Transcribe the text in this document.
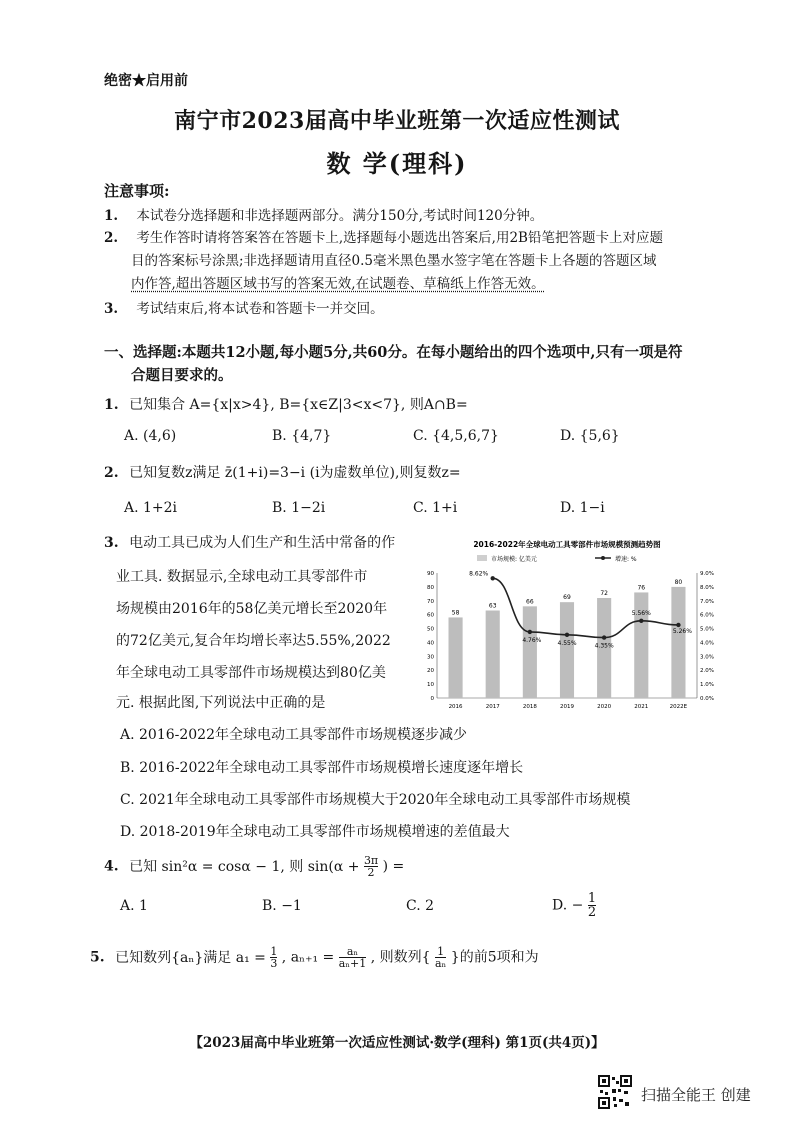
绝密★启用前
南宁市2023届高中毕业班第一次适应性测试
数 学(理科)
注意事项:
1. 本试卷分选择题和非选择题两部分。满分150分,考试时间120分钟。
2. 考生作答时请将答案答在答题卡上,选择题每小题选出答案后,用2B铅笔把答题卡上对应题
目的答案标号涂黑;非选择题请用直径0.5毫米黑色墨水签字笔在答题卡上各题的答题区域
内作答,超出答题区域书写的答案无效,在试题卷、草稿纸上作答无效。
3. 考试结束后,将本试卷和答题卡一并交回。
一、选择题:本题共12小题,每小题5分,共60分。在每小题给出的四个选项中,只有一项是符
合题目要求的。
1. 已知集合 A={x|x>4}, B={x∈Z|3<x<7}, 则A∩B=
A. (4,6)	B. {4,7}	C. {4,5,6,7}	D. {5,6}
2. 已知复数z满足 z̄(1+i)=3−i (i为虚数单位),则复数z=
A. 1+2i	B. 1−2i	C. 1+i	D. 1−i
3. 电动工具已成为人们生产和生活中常备的作
业工具. 数据显示,全球电动工具零部件市
场规模由2016年的58亿美元增长至2020年
的72亿美元,复合年均增长率达5.55%,2022
年全球电动工具零部件市场规模达到80亿美
元. 根据此图,下列说法中正确的是
2016-2022年全球电动工具零部件市场规模预测趋势图
市场规模: 亿美元	增速: %
0
10
20
30
40
50
60
70
80
90
0.0%
1.0%
2.0%
3.0%
4.0%
5.0%
6.0%
7.0%
8.0%
9.0%
2016	2017	2018	2019	2020	2021	2022E
58
63
66
69
72
76
80
8.62%
4.76%	4.55%	4.35%
5.56%
5.26%
A. 2016-2022年全球电动工具零部件市场规模逐步减少
B. 2016-2022年全球电动工具零部件市场规模增长速度逐年增长
C. 2021年全球电动工具零部件市场规模大于2020年全球电动工具零部件市场规模
D. 2018-2019年全球电动工具零部件市场规模增速的差值最大
4. 已知 sin²α = cosα − 1, 则 $\sin(\alpha + \frac{3\pi}{2}$ ) =
A. 1	B. −1	C. 2	D. − $\frac{1}{2}$
5. 已知数列{aₙ}满足 $a_1 = \frac{1}{3}$ , $a_{n+1} = \frac{\text{aₙ}}{\text{aₙ+1}}$ , 则数列{ $\frac{1}{\text{aₙ}}$ }的前5项和为
【2023届高中毕业班第一次适应性测试·数学(理科) 第1页(共4页)】
扫描全能王 创建
